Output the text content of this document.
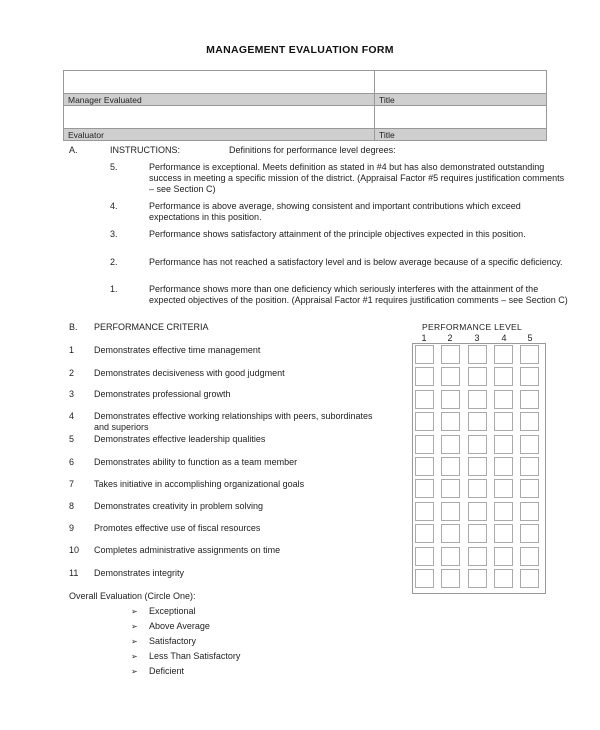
MANAGEMENT EVALUATION FORM

Manager Evaluated	Title

Evaluator	Title
A.	INSTRUCTIONS:	Definitions for performance level degrees:
5.	Performance is exceptional. Meets definition as stated in #4 but has also demonstrated outstanding success in meeting a specific mission of the district. (Appraisal Factor #5 requires justification comments – see Section C)
4.	Performance is above average, showing consistent and important contributions which exceed expectations in this position.
3.	Performance shows satisfactory attainment of the principle objectives expected in this position.
2.	Performance has not reached a satisfactory level and is below average because of a specific deficiency.
1.	Performance shows more than one deficiency which seriously interferes with the attainment of the expected objectives of the position. (Appraisal Factor #1 requires justification comments – see Section C)
B. PERFORMANCE CRITERIA	PERFORMANCE LEVEL
1	2	3	4	5
1 Demonstrates effective time management
2 Demonstrates decisiveness with good judgment
3 Demonstrates professional growth
4 Demonstrates effective working relationships with peers, subordinates and superiors
5 Demonstrates effective leadership qualities
6 Demonstrates ability to function as a team member
7 Takes initiative in accomplishing organizational goals
8 Demonstrates creativity in problem solving
9 Promotes effective use of fiscal resources
10 Completes administrative assignments on time
11 Demonstrates integrity
Overall Evaluation (Circle One):
➢ Exceptional
➢ Above Average
➢ Satisfactory
➢ Less Than Satisfactory
➢ Deficient
